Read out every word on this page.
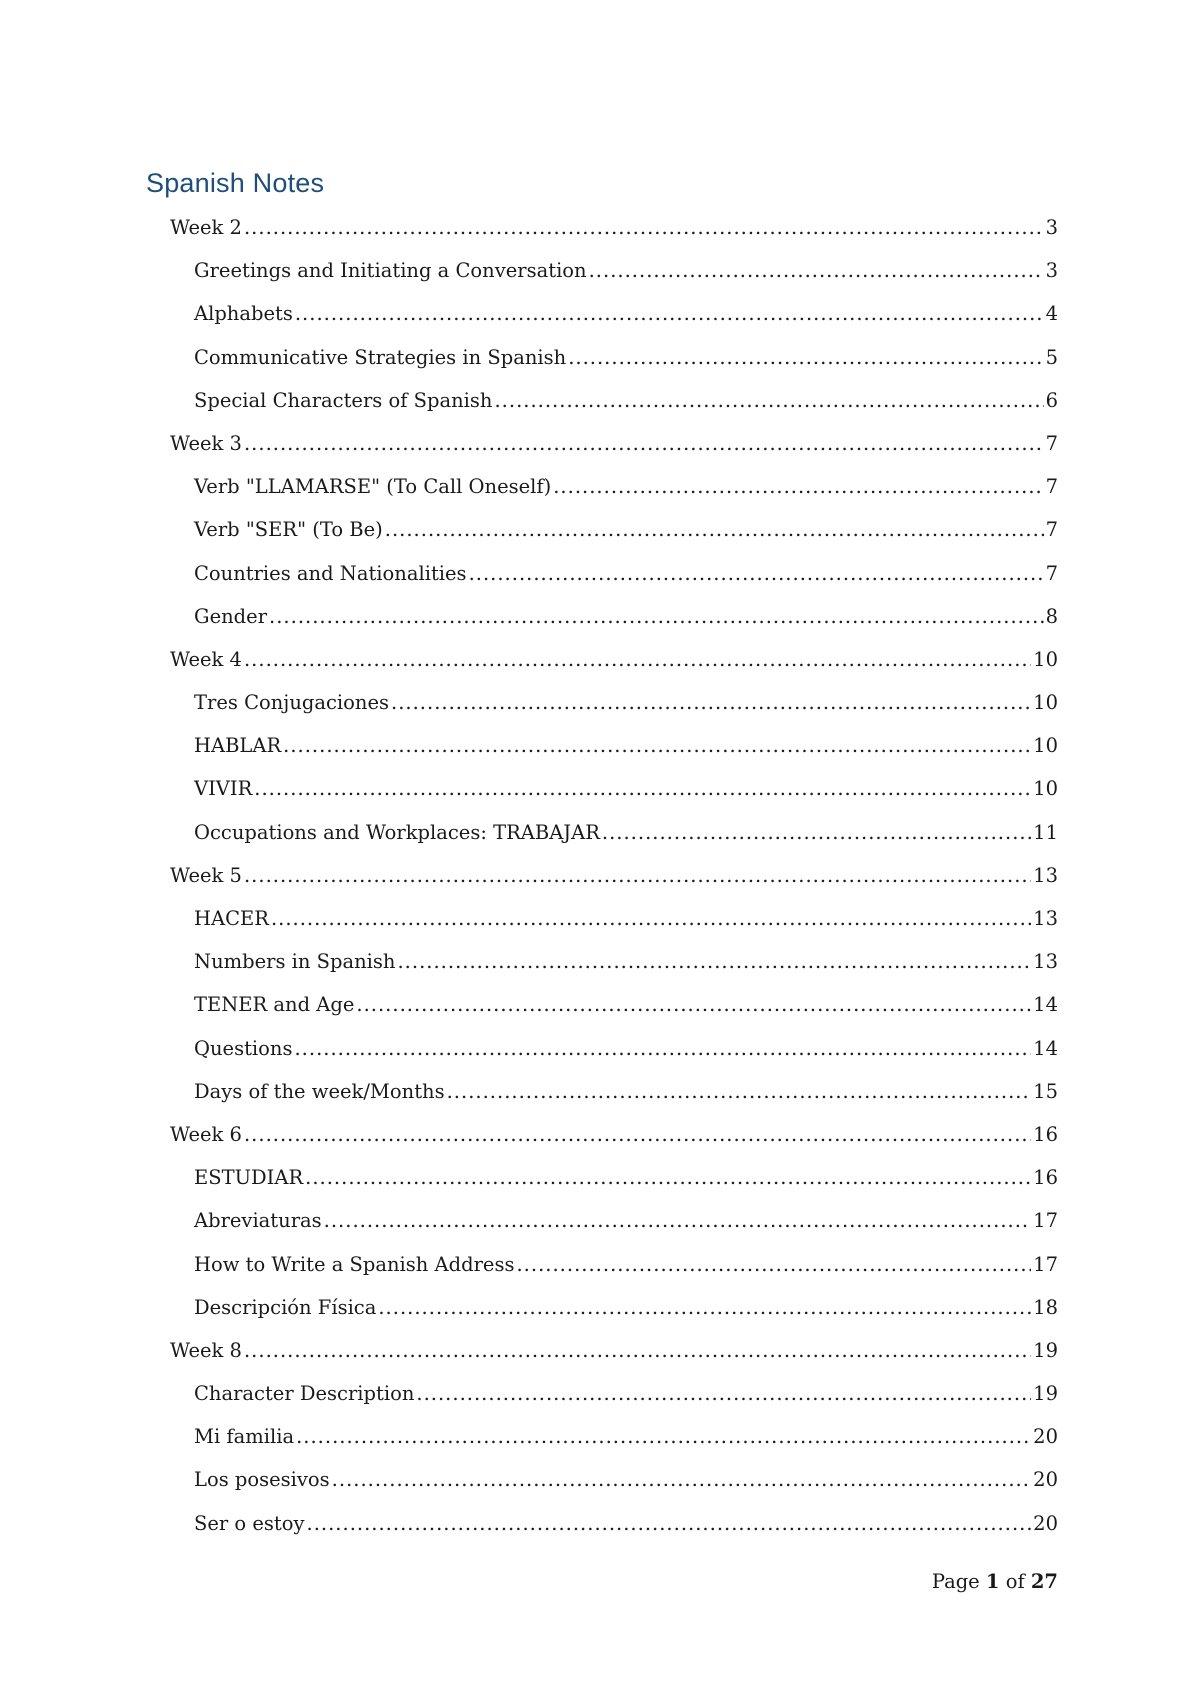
Spanish Notes
Week 2 .....	3
Greetings and Initiating a Conversation .....	3
Alphabets .....	4
Communicative Strategies in Spanish .....	5
Special Characters of Spanish .....	6
Week 3 .....	7
Verb "LLAMARSE" (To Call Oneself) .....	7
Verb "SER" (To Be) .....	7
Countries and Nationalities .....	7
Gender .....	8
Week 4 .....	10
Tres Conjugaciones .....	10
HABLAR .....	10
VIVIR .....	10
Occupations and Workplaces: TRABAJAR .....	11
Week 5 .....	13
HACER .....	13
Numbers in Spanish .....	13
TENER and Age .....	14
Questions .....	14
Days of the week/Months .....	15
Week 6 .....	16
ESTUDIAR .....	16
Abreviaturas .....	17
How to Write a Spanish Address .....	17
Descripción Física .....	18
Week 8 .....	19
Character Description .....	19
Mi familia .....	20
Los posesivos .....	20
Ser o estoy .....	20

Page 1 of 27
